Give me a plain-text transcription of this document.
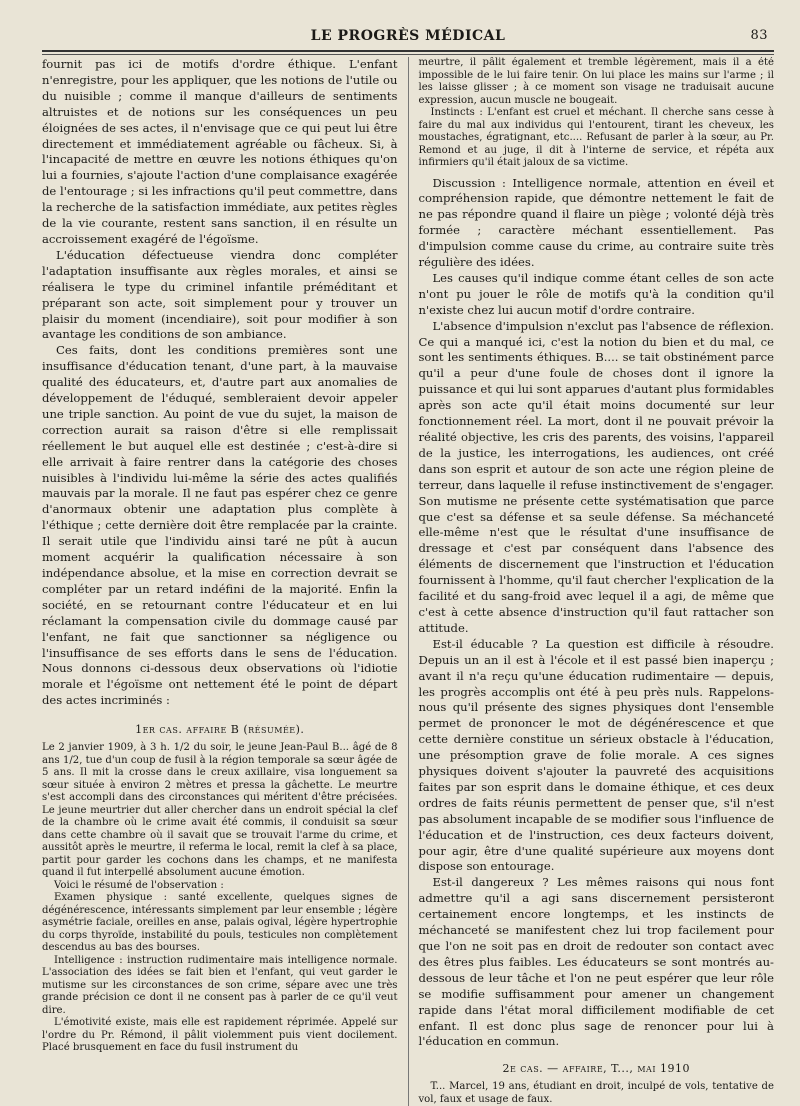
LE PROGRÈS MÉDICAL	83

fournit pas ici de motifs d'ordre éthique. L'enfant n'enregistre, pour les appliquer, que les notions de l'utile ou du nuisible ; comme il manque d'ailleurs de sentiments altruistes et de notions sur les conséquences un peu éloignées de ses actes, il n'envisage que ce qui peut lui être directement et immédiatement agréable ou fâcheux. Si, à l'incapacité de mettre en œuvre les notions éthiques qu'on lui a fournies, s'ajoute l'action d'une complaisance exagérée de l'entourage ; si les infractions qu'il peut commettre, dans la recherche de la satisfaction immédiate, aux petites règles de la vie courante, restent sans sanction, il en résulte un accroissement exagéré de l'égoïsme.

L'éducation défectueuse viendra donc compléter l'adaptation insuffisante aux règles morales, et ainsi se réalisera le type du criminel infantile préméditant et préparant son acte, soit simplement pour y trouver un plaisir du moment (incendiaire), soit pour modifier à son avantage les conditions de son ambiance.

Ces faits, dont les conditions premières sont une insuffisance d'éducation tenant, d'une part, à la mauvaise qualité des éducateurs, et, d'autre part aux anomalies de développement de l'éduqué, sembleraient devoir appeler une triple sanction. Au point de vue du sujet, la maison de correction aurait sa raison d'être si elle remplissait réellement le but auquel elle est destinée ; c'est-à-dire si elle arrivait à faire rentrer dans la catégorie des choses nuisibles à l'individu lui-même la série des actes qualifiés mauvais par la morale. Il ne faut pas espérer chez ce genre d'anormaux obtenir une adaptation plus complète à l'éthique ; cette dernière doit être remplacée par la crainte. Il serait utile que l'individu ainsi taré ne pût à aucun moment acquérir la qualification nécessaire à son indépendance absolue, et la mise en correction devrait se compléter par un retard indéfini de la majorité. Enfin la société, en se retournant contre l'éducateur et en lui réclamant la compensation civile du dommage causé par l'enfant, ne fait que sanctionner sa négligence ou l'insuffisance de ses efforts dans le sens de l'éducation. Nous donnons ci-dessous deux observations où l'idiotie morale et l'égoïsme ont nettement été le point de départ des actes incriminés :

1er cas. affaire B (résumée).

Le 2 janvier 1909, à 3 h. 1/2 du soir, le jeune Jean-Paul B... âgé de 8 ans 1/2, tue d'un coup de fusil à la région temporale sa sœur âgée de 5 ans. Il mit la crosse dans le creux axillaire, visa longuement sa sœur située à environ 2 mètres et pressa la gâchette. Le meurtre s'est accompli dans des circonstances qui méritent d'être précisées. Le jeune meurtrier dut aller chercher dans un endroit spécial la clef de la chambre où le crime avait été commis, il conduisit sa sœur dans cette chambre où il savait que se trouvait l'arme du crime, et aussitôt après le meurtre, il referma le local, remit la clef à sa place, partit pour garder les cochons dans les champs, et ne manifesta quand il fut interpellé absolument aucune émotion.

Voici le résumé de l'observation :

Examen physique : santé excellente, quelques signes de dégénérescence, intéressants simplement par leur ensemble ; légère asymétrie faciale, oreilles en anse, palais ogival, légère hypertrophie du corps thyroïde, instabilité du pouls, testicules non complètement descendus au bas des bourses.

Intelligence : instruction rudimentaire mais intelligence normale. L'association des idées se fait bien et l'enfant, qui veut garder le mutisme sur les circonstances de son crime, sépare avec une très grande précision ce dont il ne consent pas à parler de ce qu'il veut dire.

L'émotivité existe, mais elle est rapidement réprimée. Appelé sur l'ordre du Pr. Rémond, il pâlit violemment puis vient docilement. Placé brusquement en face du fusil instrument du

meurtre, il pâlit également et tremble légèrement, mais il a été impossible de le lui faire tenir. On lui place les mains sur l'arme ; il les laisse glisser ; à ce moment son visage ne traduisait aucune expression, aucun muscle ne bougeait.

Instincts : L'enfant est cruel et méchant. Il cherche sans cesse à faire du mal aux individus qui l'entourent, tirant les cheveux, les moustaches, égratignant, etc.... Refusant de parler à la sœur, au Pr. Remond et au juge, il dit à l'interne de service, et répéta aux infirmiers qu'il était jaloux de sa victime.

Discussion : Intelligence normale, attention en éveil et compréhension rapide, que démontre nettement le fait de ne pas répondre quand il flaire un piège ; volonté déjà très formée ; caractère méchant essentiellement. Pas d'impulsion comme cause du crime, au contraire suite très régulière des idées.

Les causes qu'il indique comme étant celles de son acte n'ont pu jouer le rôle de motifs qu'à la condition qu'il n'existe chez lui aucun motif d'ordre contraire.

L'absence d'impulsion n'exclut pas l'absence de réflexion. Ce qui a manqué ici, c'est la notion du bien et du mal, ce sont les sentiments éthiques. B.... se tait obstinément parce qu'il a peur d'une foule de choses dont il ignore la puissance et qui lui sont apparues d'autant plus formidables après son acte qu'il était moins documenté sur leur fonctionnement réel. La mort, dont il ne pouvait prévoir la réalité objective, les cris des parents, des voisins, l'appareil de la justice, les interrogations, les audiences, ont créé dans son esprit et autour de son acte une région pleine de terreur, dans laquelle il refuse instinctivement de s'engager. Son mutisme ne présente cette systématisation que parce que c'est sa défense et sa seule défense. Sa méchanceté elle-même n'est que le résultat d'une insuffisance de dressage et c'est par conséquent dans l'absence des éléments de discernement que l'instruction et l'éducation fournissent à l'homme, qu'il faut chercher l'explication de la facilité et du sang-froid avec lequel il a agi, de même que c'est à cette absence d'instruction qu'il faut rattacher son attitude.

Est-il éducable ? La question est difficile à résoudre. Depuis un an il est à l'école et il est passé bien inaperçu ; avant il n'a reçu qu'une éducation rudimentaire — depuis, les progrès accomplis ont été à peu près nuls. Rappelons-nous qu'il présente des signes physiques dont l'ensemble permet de prononcer le mot de dégénérescence et que cette dernière constitue un sérieux obstacle à l'éducation, une présomption grave de folie morale. A ces signes physiques doivent s'ajouter la pauvreté des acquisitions faites par son esprit dans le domaine éthique, et ces deux ordres de faits réunis permettent de penser que, s'il n'est pas absolument incapable de se modifier sous l'influence de l'éducation et de l'instruction, ces deux facteurs doivent, pour agir, être d'une qualité supérieure aux moyens dont dispose son entourage.

Est-il dangereux ? Les mêmes raisons qui nous font admettre qu'il a agi sans discernement persisteront certainement encore longtemps, et les instincts de méchanceté se manifestent chez lui trop facilement pour que l'on ne soit pas en droit de redouter son contact avec des êtres plus faibles. Les éducateurs se sont montrés au-dessous de leur tâche et l'on ne peut espérer que leur rôle se modifie suffisamment pour amener un changement rapide dans l'état moral difficilement modifiable de cet enfant. Il est donc plus sage de renoncer pour lui à l'éducation en commun.

2e cas. — affaire, T..., mai 1910

T... Marcel, 19 ans, étudiant en droit, inculpé de vols, tentative de vol, faux et usage de faux.
